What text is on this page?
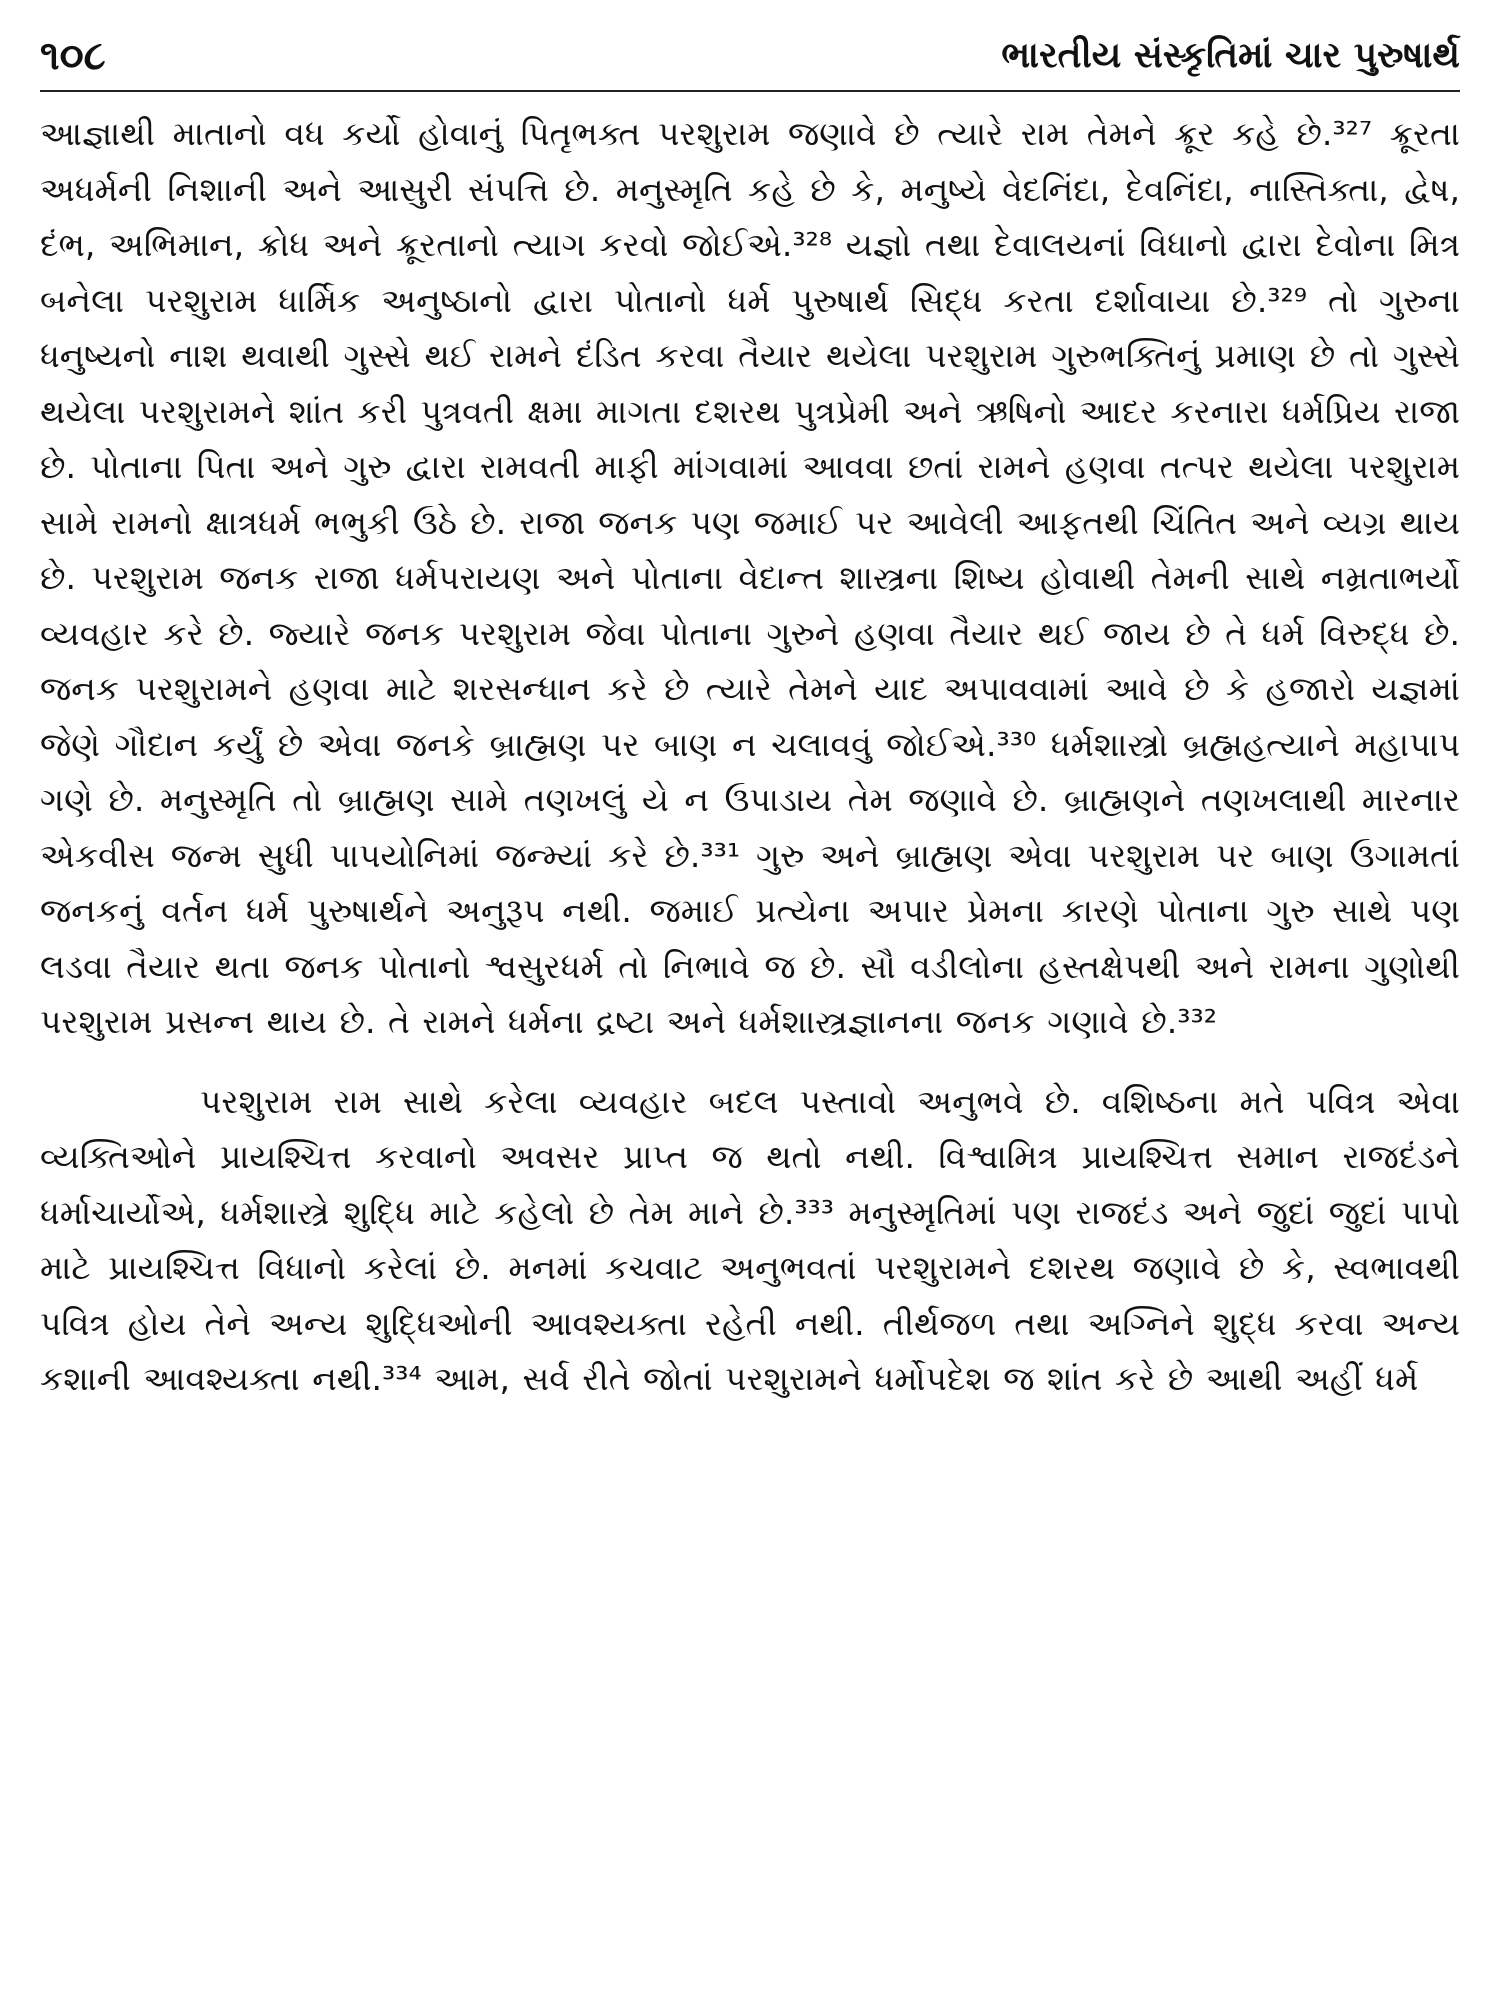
૧૦૮	ભારતીય સંસ્કૃતિમાં ચાર પુરુષાર્થ

આજ્ઞાથી માતાનો વધ કર્યો હોવાનું પિતૃભક્ત પરશુરામ જણાવે છે ત્યારે રામ તેમને ક્રૂર કહે છે.³²⁷ ક્રૂરતા અધર્મની નિશાની અને આસુરી સંપત્તિ છે. મનુસ્મૃતિ કહે છે કે, મનુષ્યે વેદનિંદા, દેવનિંદા, નાસ્તિક્તા, દ્વેષ, દંભ, અભિમાન, ક્રોધ અને ક્રૂરતાનો ત્યાગ કરવો જોઈએ.³²⁸ યજ્ઞો તથા દેવાલયનાં વિધાનો દ્વારા દેવોના મિત્ર બનેલા પરશુરામ ધાર્મિક અનુષ્ઠાનો દ્વારા પોતાનો ધર્મ પુરુષાર્થ સિદ્ધ કરતા દર્શાવાયા છે.³²⁹ તો ગુરુના ધનુષ્યનો નાશ થવાથી ગુસ્સે થઈ રામને દંડિત કરવા તૈયાર થયેલા પરશુરામ ગુરુભક્તિનું પ્રમાણ છે તો ગુસ્સે થયેલા પરશુરામને શાંત કરી પુત્રવતી ક્ષમા માગતા દશરથ પુત્રપ્રેમી અને ઋષિનો આદર કરનારા ધર્મપ્રિય રાજા છે. પોતાના પિતા અને ગુરુ દ્વારા રામવતી માફી માંગવામાં આવવા છતાં રામને હણવા તત્પર થયેલા પરશુરામ સામે રામનો ક્ષાત્રધર્મ ભભુકી ઉઠે છે. રાજા જનક પણ જમાઈ પર આવેલી આફતથી ચિંતિત અને વ્યગ્ર થાય છે. પરશુરામ જનક રાજા ધર્મપરાયણ અને પોતાના વેદાન્ત શાસ્ત્રના શિષ્ય હોવાથી તેમની સાથે નમ્રતાભર્યો વ્યવહાર કરે છે. જ્યારે જનક પરશુરામ જેવા પોતાના ગુરુને હણવા તૈયાર થઈ જાય છે તે ધર્મ વિરુદ્ધ છે. જનક પરશુરામને હણવા માટે શરસન્ધાન કરે છે ત્યારે તેમને યાદ અપાવવામાં આવે છે કે હજારો યજ્ઞમાં જેણે ગૌદાન કર્યું છે એવા જનકે બ્રાહ્મણ પર બાણ ન ચલાવવું જોઈએ.³³⁰ ધર્મશાસ્ત્રો બ્રહ્મહત્યાને મહાપાપ ગણે છે. મનુસ્મૃતિ તો બ્રાહ્મણ સામે તણખલું યે ન ઉપાડાય તેમ જણાવે છે. બ્રાહ્મણને તણખલાથી મારનાર એકવીસ જન્મ સુધી પાપયોનિમાં જન્મ્યાં કરે છે.³³¹ ગુરુ અને બ્રાહ્મણ એવા પરશુરામ પર બાણ ઉગામતાં જનકનું વર્તન ધર્મ પુરુષાર્થને અનુરૂપ નથી. જમાઈ પ્રત્યેના અપાર પ્રેમના કારણે પોતાના ગુરુ સાથે પણ લડવા તૈયાર થતા જનક પોતાનો શ્વસુરધર્મ તો નિભાવે જ છે. સૌ વડીલોના હસ્તક્ષેપથી અને રામના ગુણોથી પરશુરામ પ્રસન્ન થાય છે. તે રામને ધર્મના દ્રષ્ટા અને ધર્મશાસ્ત્રજ્ઞાનના જનક ગણાવે છે.³³²

પરશુરામ રામ સાથે કરેલા વ્યવહાર બદલ પસ્તાવો અનુભવે છે. વશિષ્ઠના મતે પવિત્ર એવા વ્યક્તિઓને પ્રાયશ્ચિત્ત કરવાનો અવસર પ્રાપ્ત જ થતો નથી. વિશ્વામિત્ર પ્રાયશ્ચિત્ત સમાન રાજદંડને ધર્માચાર્યોએ, ધર્મશાસ્ત્રે શુદ્ધિ માટે કહેલો છે તેમ માને છે.³³³ મનુસ્મૃતિમાં પણ રાજદંડ અને જુદાં જુદાં પાપો માટે પ્રાયશ્ચિત્ત વિધાનો કરેલાં છે. મનમાં કચવાટ અનુભવતાં પરશુરામને દશરથ જણાવે છે કે, સ્વભાવથી પવિત્ર હોય તેને અન્ય શુદ્ધિઓની આવશ્યક્તા રહેતી નથી. તીર્થજળ તથા અગ્નિને શુદ્ધ કરવા અન્ય કશાની આવશ્યક્તા નથી.³³⁴ આમ, સર્વ રીતે જોતાં પરશુરામને ધર્મોપદેશ જ શાંત કરે છે આથી અહીં ધર્મ
